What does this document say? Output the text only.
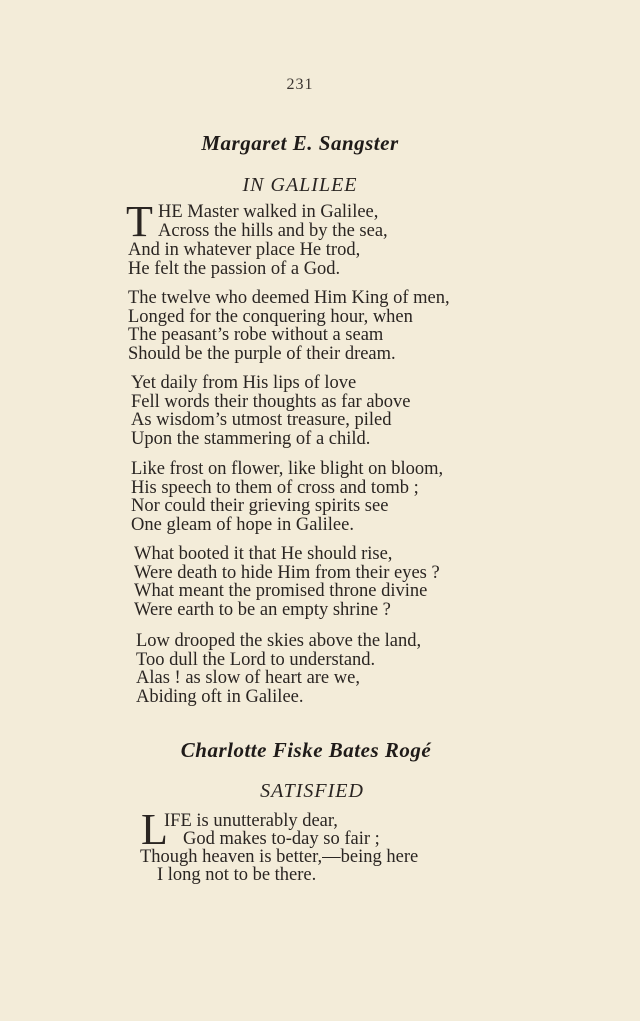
231
Margaret E. Sangster
IN GALILEE
T HE Master walked in Galilee,
Across the hills and by the sea,
And in whatever place He trod,
He felt the passion of a God.
The twelve who deemed Him King of men,
Longed for the conquering hour, when
The peasant’s robe without a seam
Should be the purple of their dream.
Yet daily from His lips of love
Fell words their thoughts as far above
As wisdom’s utmost treasure, piled
Upon the stammering of a child.
Like frost on flower, like blight on bloom,
His speech to them of cross and tomb ;
Nor could their grieving spirits see
One gleam of hope in Galilee.
What booted it that He should rise,
Were death to hide Him from their eyes ?
What meant the promised throne divine
Were earth to be an empty shrine ?
Low drooped the skies above the land,
Too dull the Lord to understand.
Alas ! as slow of heart are we,
Abiding oft in Galilee.
Charlotte Fiske Bates Rogé
SATISFIED
L
IFE is unutterably dear,
God makes to-day so fair ;
Though heaven is better,—being here
I long not to be there.
